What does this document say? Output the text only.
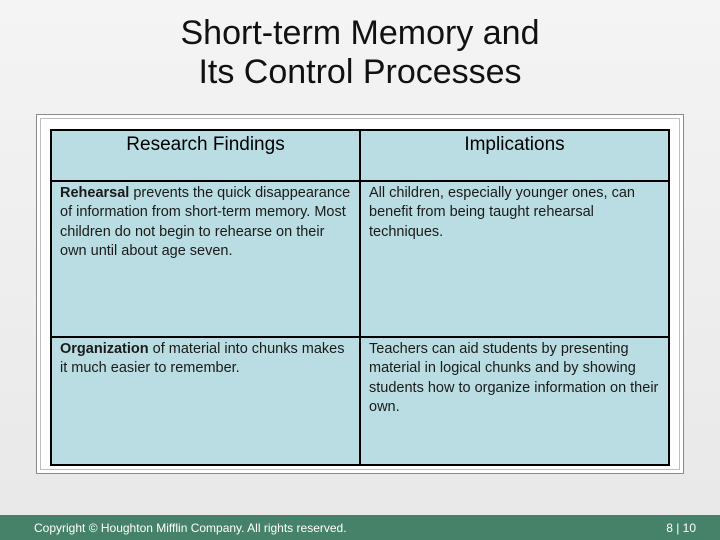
Short-term Memory and
Its Control Processes
Research Findings	Implications
Rehearsal prevents the quick disappearance of information from short-term memory. Most children do not begin to rehearse on their own until about age seven.	All children, especially younger ones, can benefit from being taught rehearsal techniques.
Organization of material into chunks makes it much easier to remember.	Teachers can aid students by presenting material in logical chunks and by showing students how to organize information on their own.
Copyright © Houghton Mifflin Company. All rights reserved.	8 | 10
